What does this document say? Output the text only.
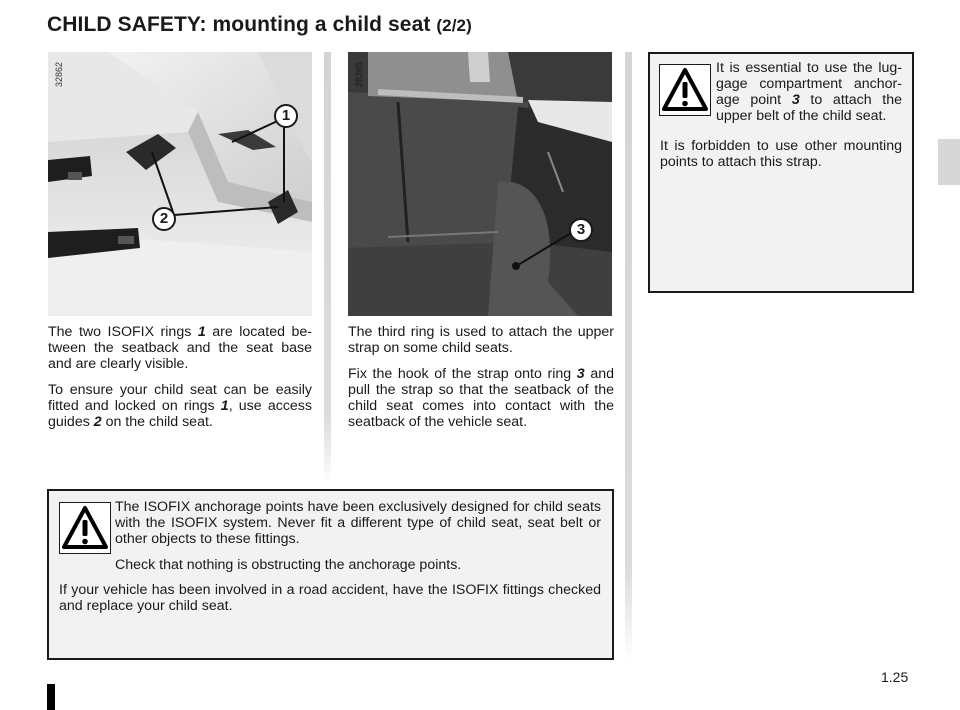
CHILD SAFETY: mounting a child seat (2/2)
32862
1
2
28265
3

The two ISOFIX rings 1 are located be-tween the seatback and the seat base and are clearly visible.

To ensure your child seat can be easily fitted and locked on rings 1, use access guides 2 on the child seat.

The third ring is used to attach the upper strap on some child seats.

Fix the hook of the strap onto ring 3 and pull the strap so that the seatback of the child seat comes into contact with the seatback of the vehicle seat.

It is essential to use the lug-gage compartment anchor-age point 3 to attach the upper belt of the child seat.

It is forbidden to use other mounting points to attach this strap.

The ISOFIX anchorage points have been exclusively designed for child seats with the ISOFIX system. Never fit a different type of child seat, seat belt or other objects to these fittings.

Check that nothing is obstructing the anchorage points.

If your vehicle has been involved in a road accident, have the ISOFIX fittings checked and replace your child seat.

1.25
